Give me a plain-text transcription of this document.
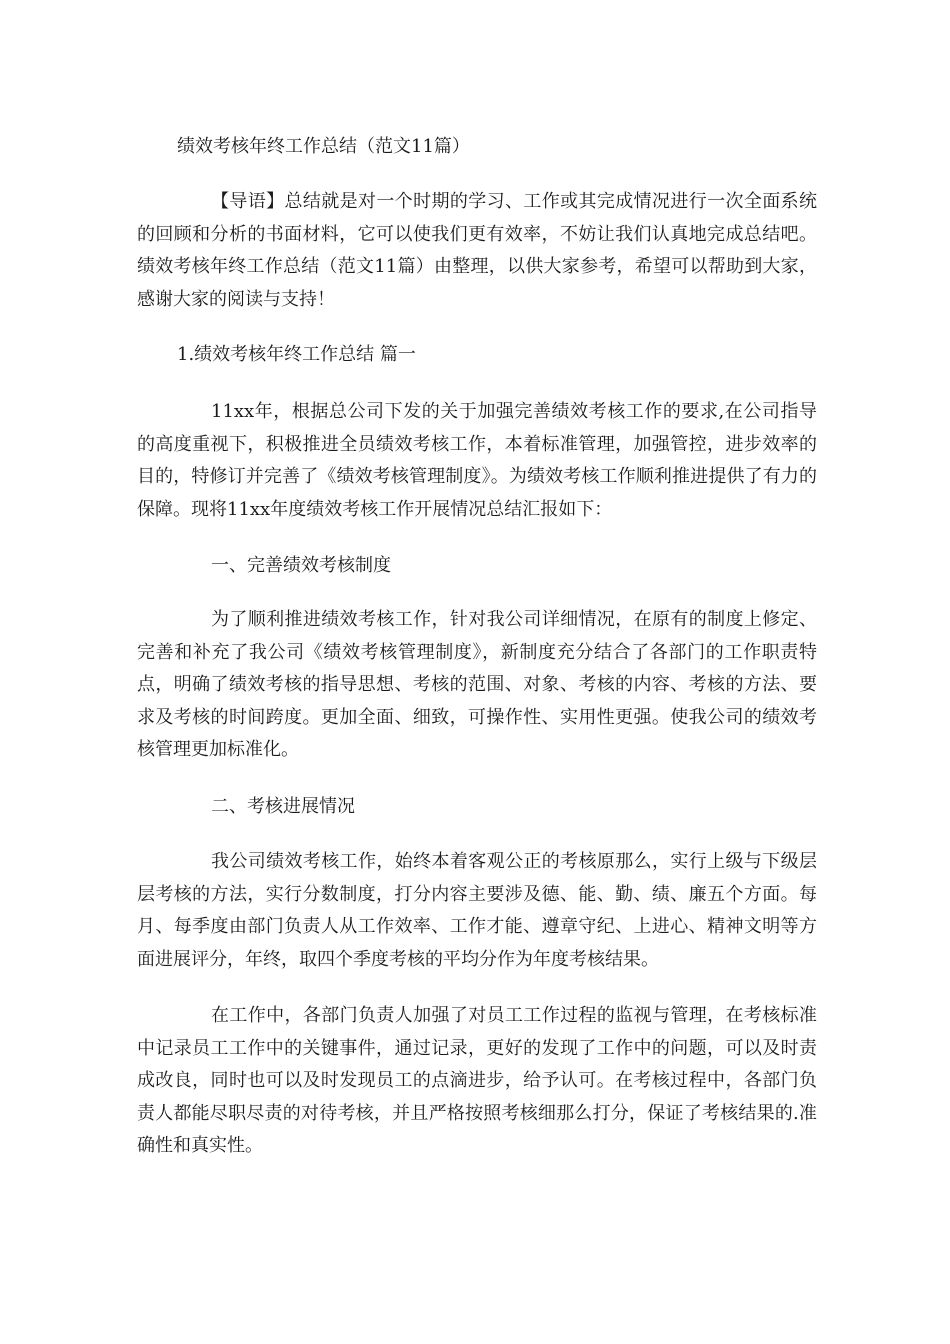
绩效考核年终工作总结（范文11篇）
【导语】总结就是对一个时期的学习、工作或其完成情况进行一次全面系统的回顾和分析的书面材料，它可以使我们更有效率，不妨让我们认真地完成总结吧。绩效考核年终工作总结（范文11篇）由整理，以供大家参考，希望可以帮助到大家，感谢大家的阅读与支持！
1.绩效考核年终工作总结 篇一
11xx年，根据总公司下发的关于加强完善绩效考核工作的要求,在公司指导的高度重视下，积极推进全员绩效考核工作，本着标准管理，加强管控，进步效率的目的，特修订并完善了《绩效考核管理制度》。为绩效考核工作顺利推进提供了有力的保障。现将11xx年度绩效考核工作开展情况总结汇报如下：
一、完善绩效考核制度
为了顺利推进绩效考核工作，针对我公司详细情况，在原有的制度上修定、完善和补充了我公司《绩效考核管理制度》，新制度充分结合了各部门的工作职责特点，明确了绩效考核的指导思想、考核的范围、对象、考核的内容、考核的方法、要求及考核的时间跨度。更加全面、细致，可操作性、实用性更强。使我公司的绩效考核管理更加标准化。
二、考核进展情况
我公司绩效考核工作，始终本着客观公正的考核原那么，实行上级与下级层层考核的方法，实行分数制度，打分内容主要涉及德、能、勤、绩、廉五个方面。每月、每季度由部门负责人从工作效率、工作才能、遵章守纪、上进心、精神文明等方面进展评分，年终，取四个季度考核的平均分作为年度考核结果。
在工作中，各部门负责人加强了对员工工作过程的监视与管理，在考核标准中记录员工工作中的关键事件，通过记录，更好的发现了工作中的问题，可以及时责成改良，同时也可以及时发现员工的点滴进步，给予认可。在考核过程中，各部门负责人都能尽职尽责的对待考核，并且严格按照考核细那么打分，保证了考核结果的.准确性和真实性。
